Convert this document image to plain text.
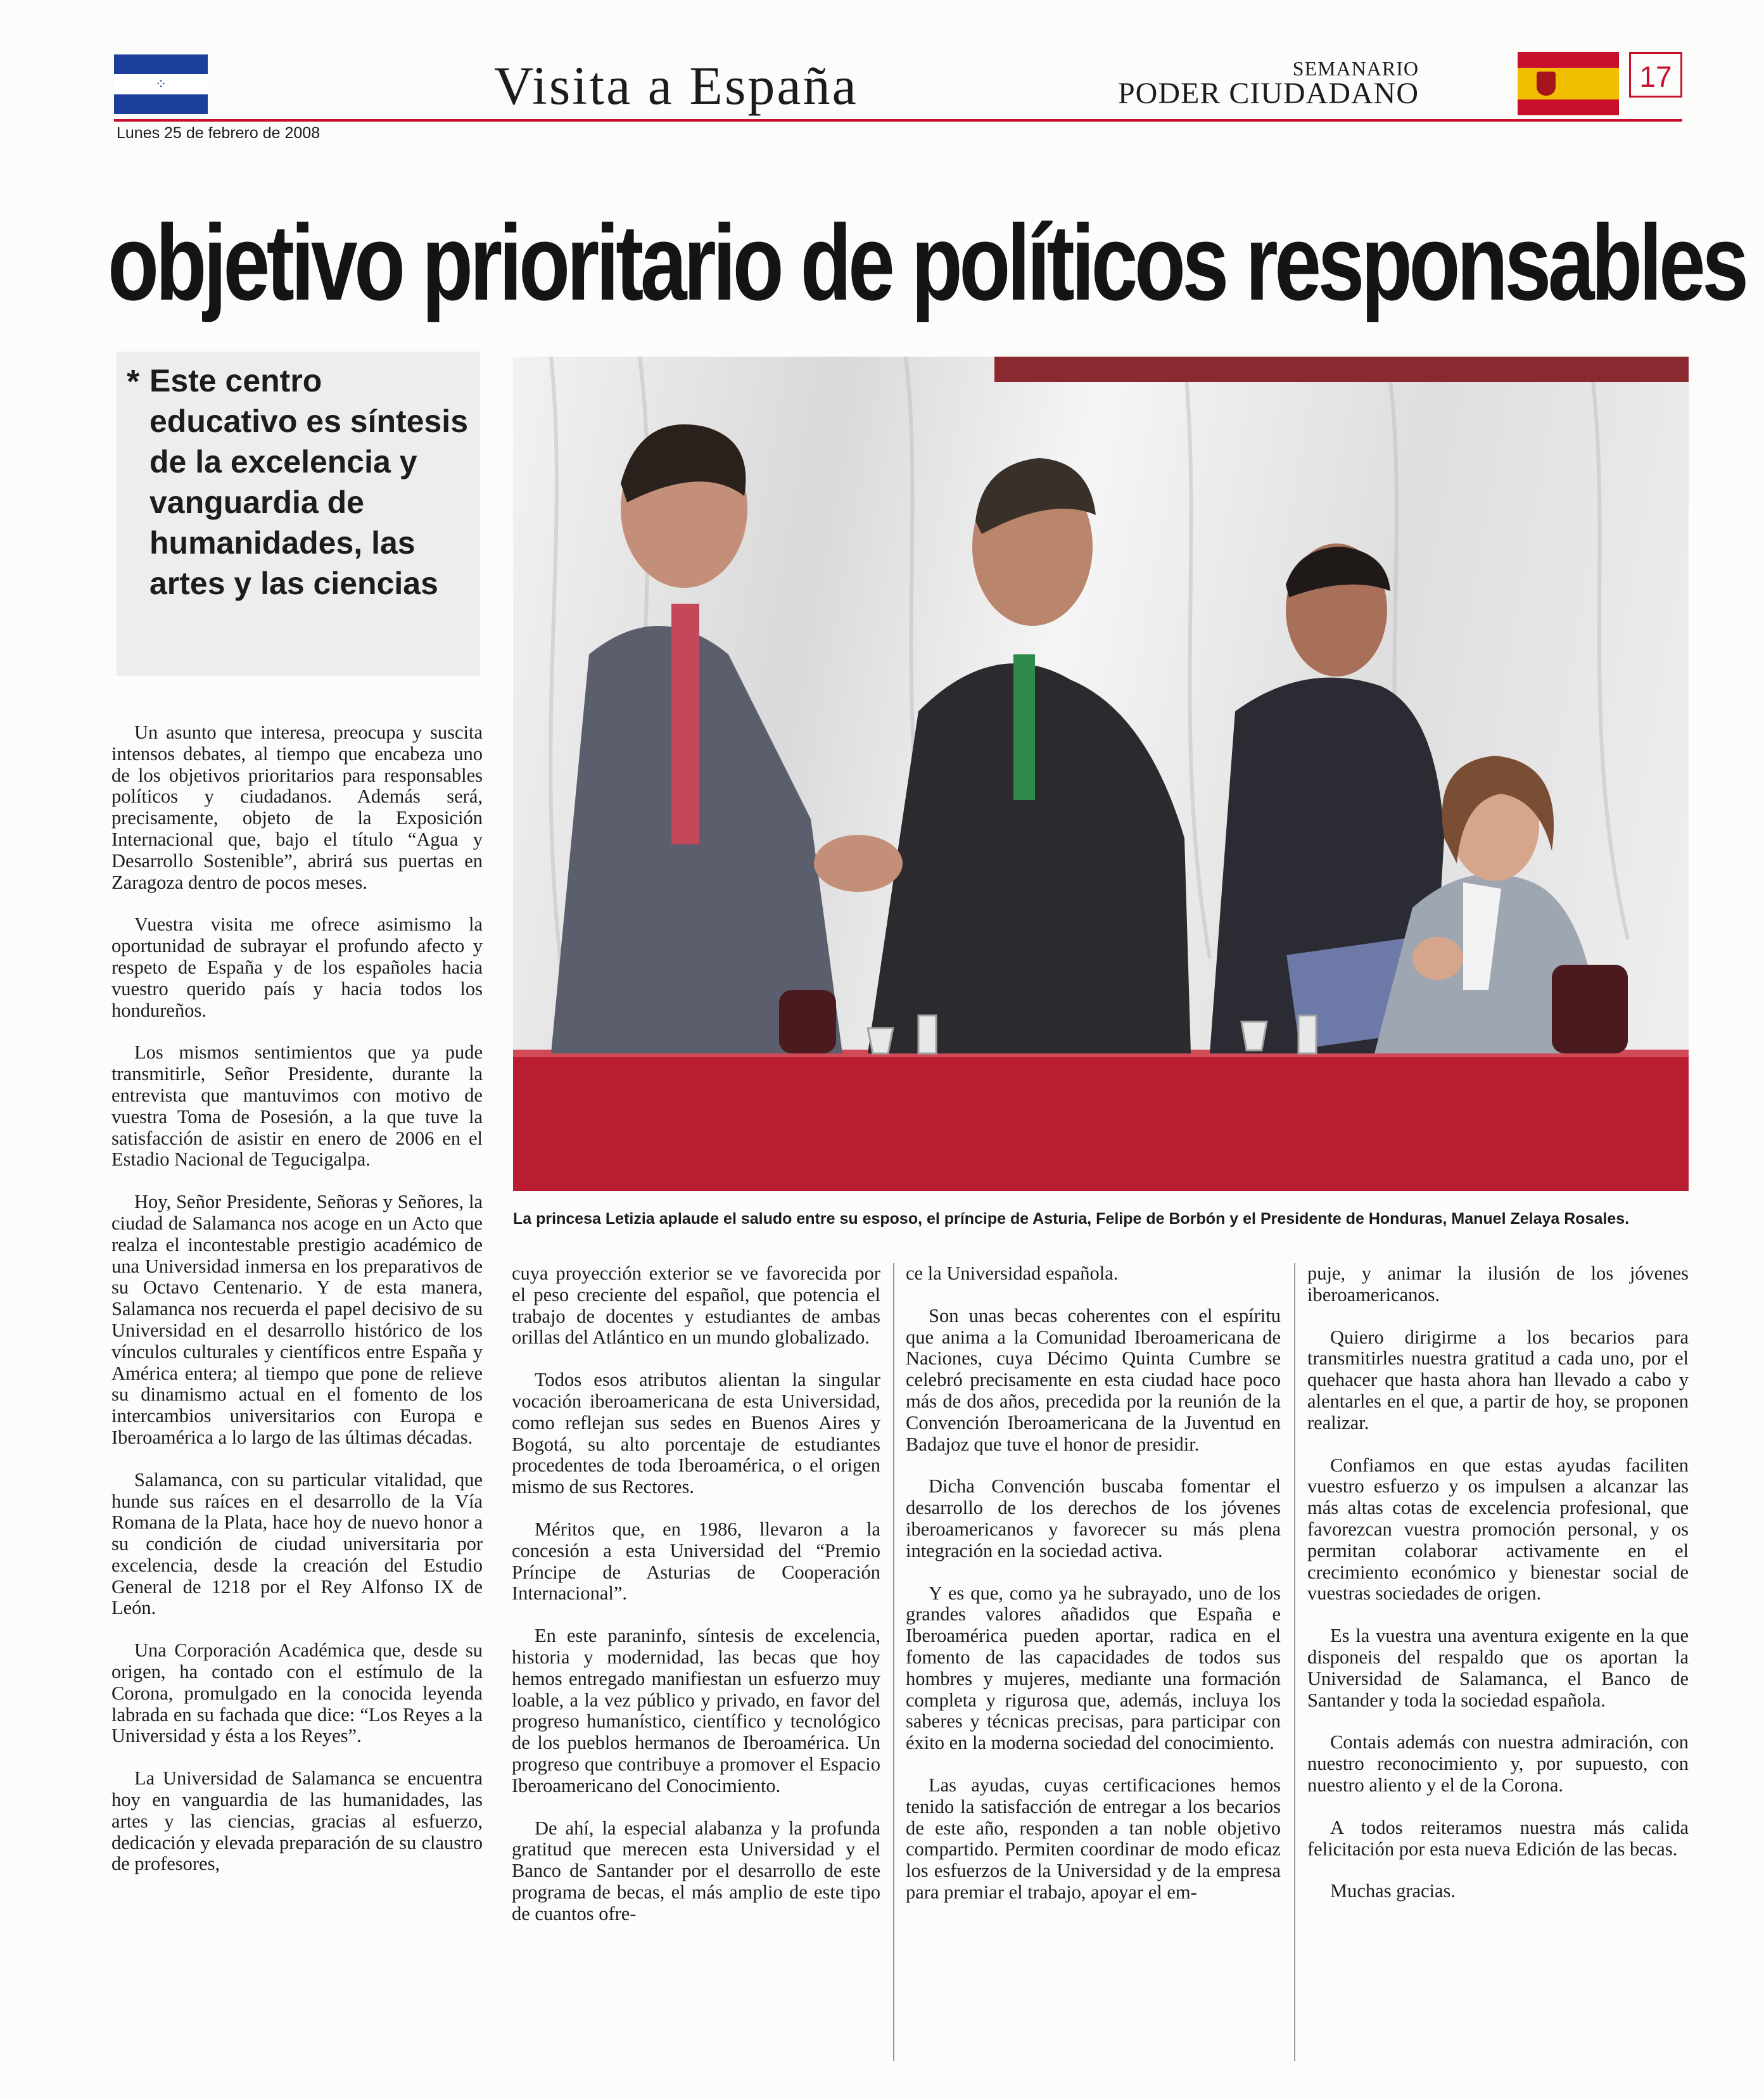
⁘	Visita a España	SEMANARIO
PODER CIUDADANO	17
Lunes 25 de febrero de 2008
objetivo prioritario de políticos responsables
* Este centro educativo es síntesis de la excelencia y vanguardia de humanidades, las artes y las ciencias
La princesa Letizia aplaude el saludo entre su esposo, el príncipe de Asturia, Felipe de Borbón y el Presidente de Honduras, Manuel Zelaya Rosales.

Un asunto que interesa, preocupa y suscita intensos debates, al tiempo que encabeza uno de los objetivos prioritarios para responsables políticos y ciudadanos. Además será, precisamente, objeto de la Exposición Internacional que, bajo el título “Agua y Desarrollo Sostenible”, abrirá sus puertas en Zaragoza dentro de pocos meses.

Vuestra visita me ofrece asimismo la oportunidad de subrayar el profundo afecto y respeto de España y de los españoles hacia vuestro querido país y hacia todos los hondureños.

Los mismos sentimientos que ya pude transmitirle, Señor Presidente, durante la entrevista que mantuvimos con motivo de vuestra Toma de Posesión, a la que tuve la satisfacción de asistir en enero de 2006 en el Estadio Nacional de Tegucigalpa.

Hoy, Señor Presidente, Señoras y Señores, la ciudad de Salamanca nos acoge en un Acto que realza el incontestable prestigio académico de una Universidad inmersa en los preparativos de su Octavo Centenario. Y de esta manera, Salamanca nos recuerda el papel decisivo de su Universidad en el desarrollo histórico de los vínculos culturales y científicos entre España y América entera; al tiempo que pone de relieve su dinamismo actual en el fomento de los intercambios universitarios con Europa e Iberoamérica a lo largo de las últimas décadas.

Salamanca, con su particular vitalidad, que hunde sus raíces en el desarrollo de la Vía Romana de la Plata, hace hoy de nuevo honor a su condición de ciudad universitaria por excelencia, desde la creación del Estudio General de 1218 por el Rey Alfonso IX de León.

Una Corporación Académica que, desde su origen, ha contado con el estímulo de la Corona, promulgado en la conocida leyenda labrada en su fachada que dice: “Los Reyes a la Universidad y ésta a los Reyes”.

La Universidad de Salamanca se encuentra hoy en vanguardia de las humanidades, las artes y las ciencias, gracias al esfuerzo, dedicación y elevada preparación de su claustro de profesores,

cuya proyección exterior se ve favorecida por el peso creciente del español, que potencia el trabajo de docentes y estudiantes de ambas orillas del Atlántico en un mundo globalizado.

Todos esos atributos alientan la singular vocación iberoamericana de esta Universidad, como reflejan sus sedes en Buenos Aires y Bogotá, su alto porcentaje de estudiantes procedentes de toda Iberoamérica, o el origen mismo de sus Rectores.

Méritos que, en 1986, llevaron a la concesión a esta Universidad del “Premio Príncipe de Asturias de Cooperación Internacional”.

En este paraninfo, síntesis de excelencia, historia y modernidad, las becas que hoy hemos entregado manifiestan un esfuerzo muy loable, a la vez público y privado, en favor del progreso humanístico, científico y tecnológico de los pueblos hermanos de Iberoamérica. Un progreso que contribuye a promover el Espacio Iberoamericano del Conocimiento.

De ahí, la especial alabanza y la profunda gratitud que merecen esta Universidad y el Banco de Santander por el desarrollo de este programa de becas, el más amplio de este tipo de cuantos ofre-

ce la Universidad española.

Son unas becas coherentes con el espíritu que anima a la Comunidad Iberoamericana de Naciones, cuya Décimo Quinta Cumbre se celebró precisamente en esta ciudad hace poco más de dos años, precedida por la reunión de la Convención Iberoamericana de la Juventud en Badajoz que tuve el honor de presidir.

Dicha Convención buscaba fomentar el desarrollo de los derechos de los jóvenes iberoamericanos y favorecer su más plena integración en la sociedad activa.

Y es que, como ya he subrayado, uno de los grandes valores añadidos que España e Iberoamérica pueden aportar, radica en el fomento de las capacidades de todos sus hombres y mujeres, mediante una formación completa y rigurosa que, además, incluya los saberes y técnicas precisas, para participar con éxito en la moderna sociedad del conocimiento.

Las ayudas, cuyas certificaciones hemos tenido la satisfacción de entregar a los becarios de este año, responden a tan noble objetivo compartido. Permiten coordinar de modo eficaz los esfuerzos de la Universidad y de la empresa para premiar el trabajo, apoyar el em-

puje, y animar la ilusión de los jóvenes iberoamericanos.

Quiero dirigirme a los becarios para transmitirles nuestra gratitud a cada uno, por el quehacer que hasta ahora han llevado a cabo y alentarles en el que, a partir de hoy, se proponen realizar.

Confiamos en que estas ayudas faciliten vuestro esfuerzo y os impulsen a alcanzar las más altas cotas de excelencia profesional, que favorezcan vuestra promoción personal, y os permitan colaborar activamente en el crecimiento económico y bienestar social de vuestras sociedades de origen.

Es la vuestra una aventura exigente en la que disponeis del respaldo que os aportan la Universidad de Salamanca, el Banco de Santander y toda la sociedad española.

Contais además con nuestra admiración, con nuestro reconocimiento y, por supuesto, con nuestro aliento y el de la Corona.

A todos reiteramos nuestra más calida felicitación por esta nueva Edición de las becas.

Muchas gracias.
